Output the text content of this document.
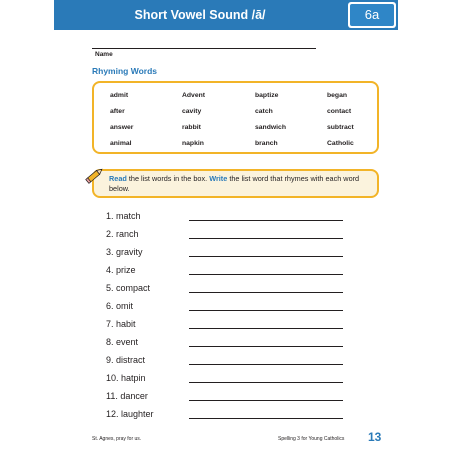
Short Vowel Sound /ā/	6a
Name
Rhyming Words
admit	Advent	baptize	began
after	cavity	catch	contact
answer	rabbit	sandwich	subtract
animal	napkin	branch	Catholic
Read the list words in the box. Write the list word that rhymes with each word below.
1. match
2. ranch
3. gravity
4. prize
5. compact
6. omit
7. habit
8. event
9. distract
10. hatpin
11. dancer
12. laughter
St. Agnes, pray for us.	Spelling 3 for Young Catholics 13
